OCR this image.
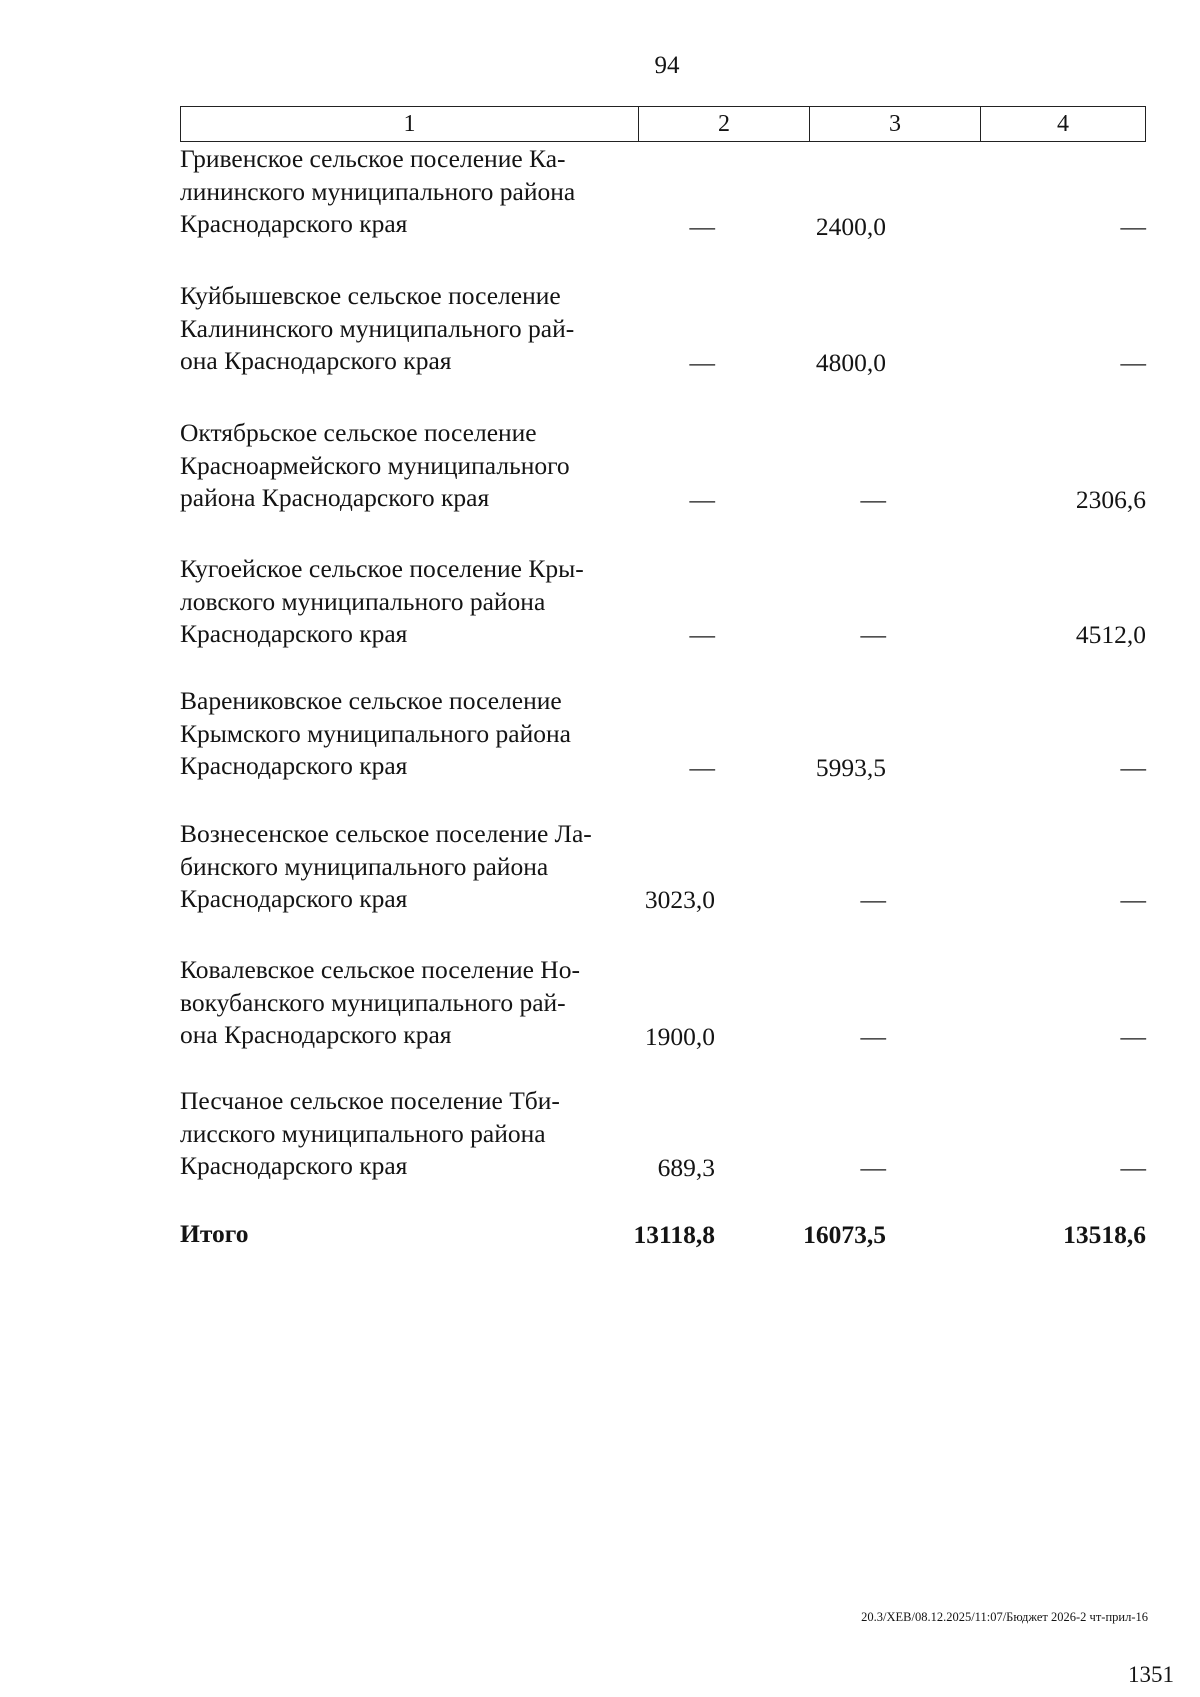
94
1	2	3	4
Гривенское сельское поселение Ка-
лининского муниципального района
Краснодарского края	—	2400,0	—
Куйбышевское сельское поселение
Калининского муниципального рай-
она Краснодарского края	—	4800,0	—
Октябрьское сельское поселение
Красноармейского муниципального
района Краснодарского края	—	—	2306,6
Кугоейское сельское поселение Кры-
ловского муниципального района
Краснодарского края	—	—	4512,0
Варениковское сельское поселение
Крымского муниципального района
Краснодарского края	—	5993,5	—
Вознесенское сельское поселение Ла-
бинского муниципального района
Краснодарского края	3023,0	—	—
Ковалевское сельское поселение Но-
вокубанского муниципального рай-
она Краснодарского края	1900,0	—	—
Песчаное сельское поселение Тби-
лисского муниципального района
Краснодарского края	689,3	—	—
Итого	13118,8	16073,5	13518,6
20.3/ХЕВ/08.12.2025/11:07/Бюджет 2026-2 чт-прил-16
1351
